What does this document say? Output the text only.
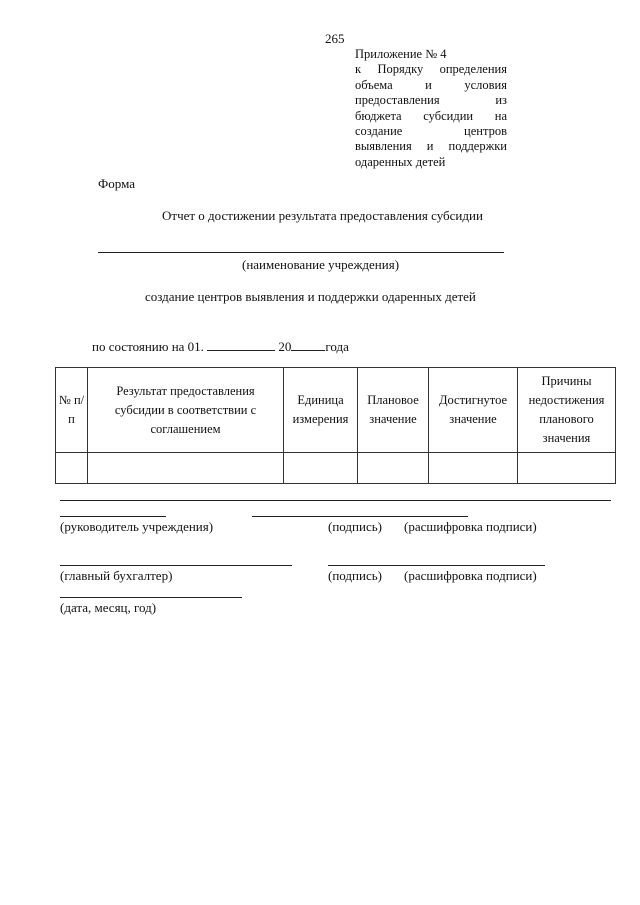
265
Приложение № 4
к Порядку определения
объема и условия
предоставления из
бюджета субсидии на
создание центров
выявления и поддержки
одаренных детей
Форма
Отчет о достижении результата предоставления субсидии
(наименование учреждения)
создание центров выявления и поддержки одаренных детей
по состоянию на 01.	20	года
№ п/п	Результат предоставления субсидии в соответствии с соглашением	Единица измерения	Плановое значение	Достигнутое значение	Причины недостижения планового значения

(руководитель учреждения)	(подпись) (расшифровка подписи)
(главный бухгалтер)	(подпись) (расшифровка подписи)
(дата, месяц, год)
